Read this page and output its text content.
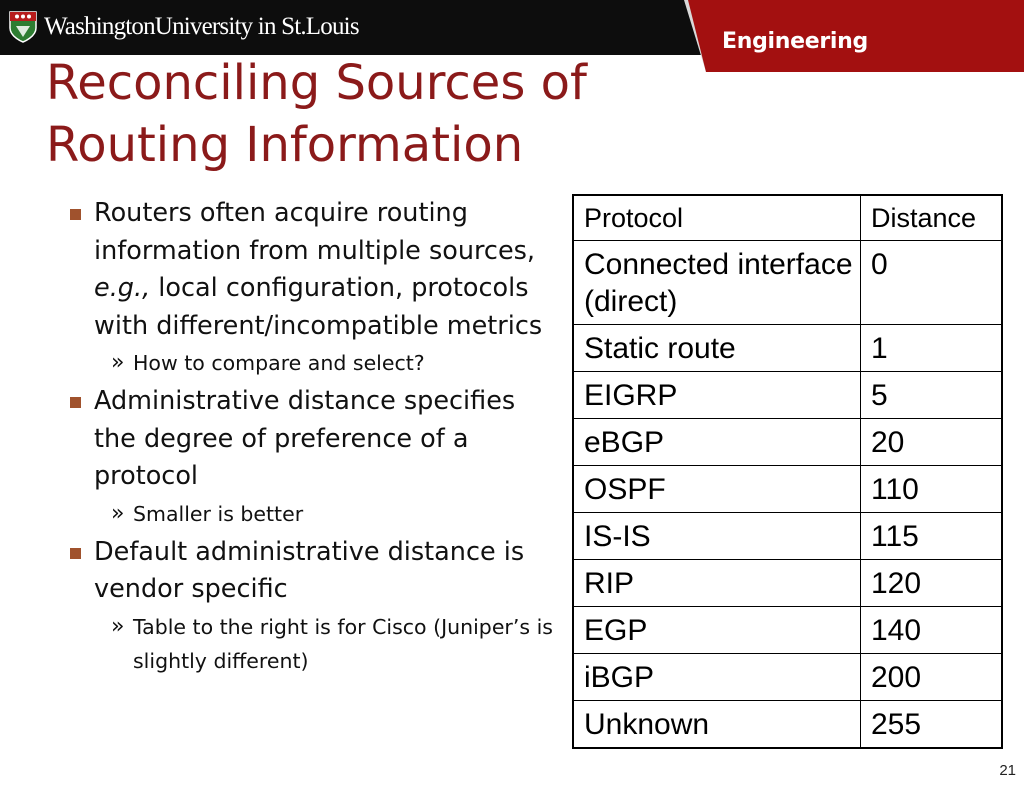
WashingtonUniversity in St.Louis
Engineering
Reconciling Sources of
Routing Information
Routers often acquire routing information from multiple sources, e.g., local configuration, protocols with different/incompatible metrics
» How to compare and select?
Administrative distance specifies the degree of preference of a protocol
» Smaller is better
Default administrative distance is vendor specific
» Table to the right is for Cisco (Juniper’s is slightly different)
Protocol	Distance
Connected interface (direct)	0
Static route	1
EIGRP	5
eBGP	20
OSPF	110
IS-IS	115
RIP	120
EGP	140
iBGP	200
Unknown	255
21
